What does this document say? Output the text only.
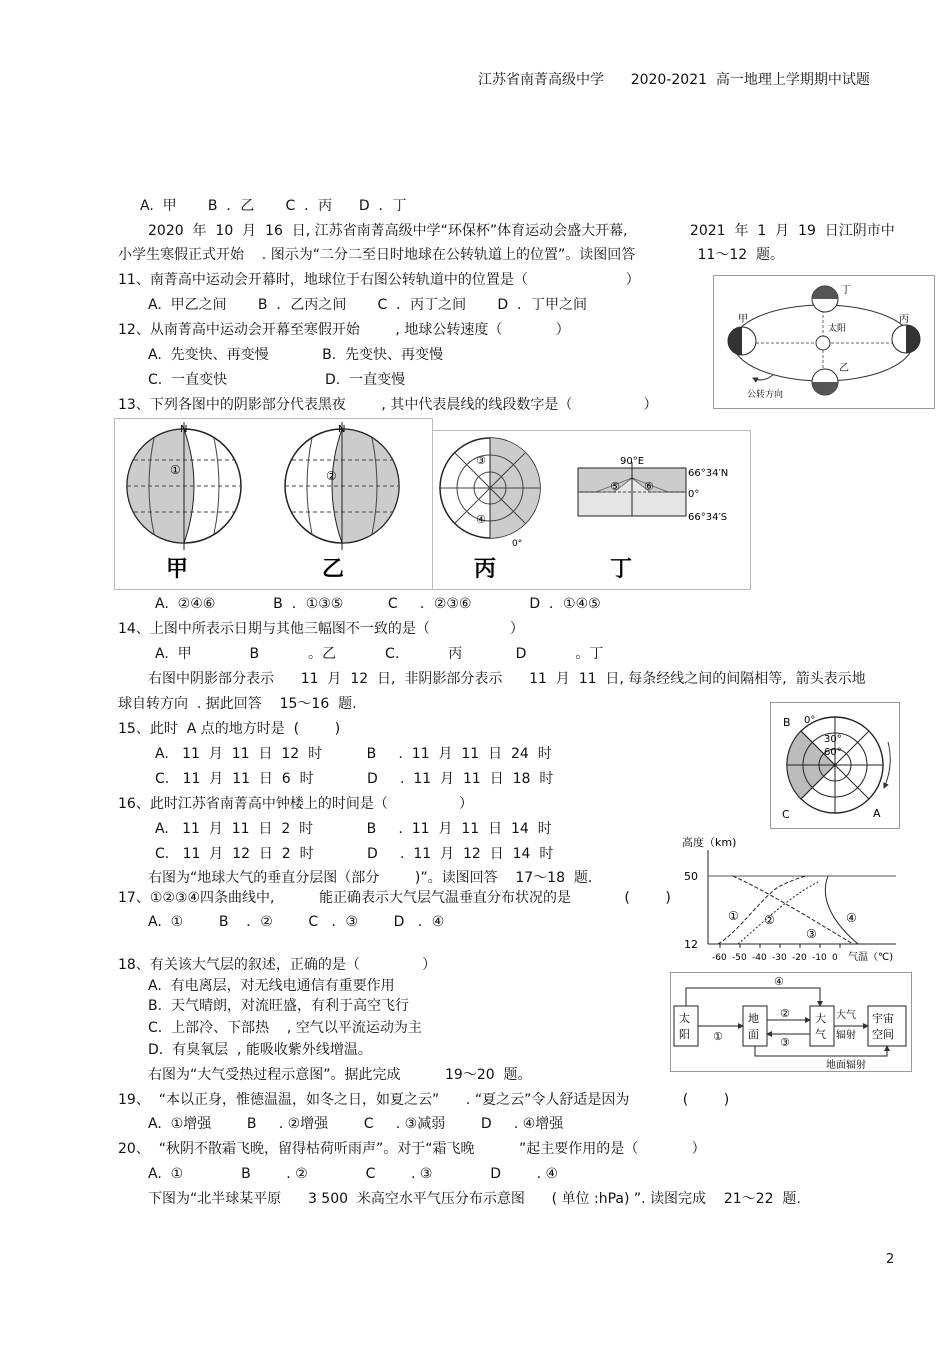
江苏省南菁高级中学      2020-2021  高一地理上学期期中试题
A.  甲       B  ．乙       C  ．丙      D  ．丁
2020  年  10  月  16  日, 江苏省南菁高级中学“环保杯”体育运动会盛大开幕,              2021  年  1  月  19  日江阴市中
小学生寒假正式开始    . 图示为“二分二至日时地球在公转轨道上的位置”。读图回答              11～12  题。
11、南菁高中运动会开幕时，地球位于右图公转轨道中的位置是（                      ）
A.  甲乙之间       B  ．乙丙之间       C  ．丙丁之间       D  ．丁甲之间
12、从南菁高中运动会开幕至寒假开始        , 地球公转速度（            ）
A.  先变快、再变慢            B.  先变快、再变慢
C.  一直变快                      D.  一直变慢
13、下列各图中的阴影部分代表黑夜        , 其中代表晨线的线段数字是（                ）
A.  ②④⑥             B  ．①③⑤          C     ．②③⑥             D  ．①④⑤
14、上图中所表示日期与其他三幅图不一致的是（                  ）
A.  甲             B           。乙           C.           丙            D           。丁
右图中阴影部分表示      11  月  12  日,  非阴影部分表示      11  月  11  日, 每条经线之间的间隔相等,  箭头表示地
球自转方向  . 据此回答    15～16  题.
15、此时  A 点的地方时是  (        )
A.   11  月  11  日  12  时          B     .  11  月  11  日  24  时
C.   11  月  11  日  6  时            D     .  11  月  11  日  18  时
16、此时江苏省南菁高中钟楼上的时间是（                ）
A.   11  月  11  日  2  时            B     .  11  月  11  日  14  时
C.   11  月  12  日  2  时            D     .  11  月  12  日  14  时
右图为“地球大气的垂直分层图（部分        )”。读图回答    17～18  题.
17、①②③④四条曲线中,          能正确表示大气层气温垂直分布状况的是            (        )
A.  ①        B    ．②        C   ．③        D   ．④
18、有关该大气层的叙述，正确的是（              ）
A.  有电离层，对无线电通信有重要作用
B.  天气晴朗，对流旺盛，有利于高空飞行
C.  上部冷、下部热    , 空气以平流运动为主
D.  有臭氧层  , 能吸收紫外线增温。
右图为“大气受热过程示意图”。据此完成          19～20  题。
19、  “本以正身，惟德温温，如冬之日，如夏之云”      . “夏之云”令人舒适是因为            (        )
A.  ①增强        B     . ②增强        C     . ③减弱        D     . ④增强
20、  “秋阴不散霜飞晚，留得枯荷听雨声”。对于“霜飞晚          ”起主要作用的是（            ）
A.  ①             B        . ②             C        . ③             D        . ④
下图为“北半球某平原      3 500  米高空水平气压分布示意图      ( 单位 :hPa) ”. 读图完成    21～22  题.
2
太阳
甲
丁
丙
乙
公转方向
N
①
甲
N
②
乙
③
④
0°
丙
90°E
66°34′N
0°
66°34′S
⑤ ⑥
丁
B
A
C
0°
30°
60°
高度（km)
50
12
-60 -50 -40 -30 -20 -10 0
① ②
③
④
气温（℃)
太
阳
地
面
大
气
宇宙
空间
①
②
③
④
大气
辐射
地面辐射
